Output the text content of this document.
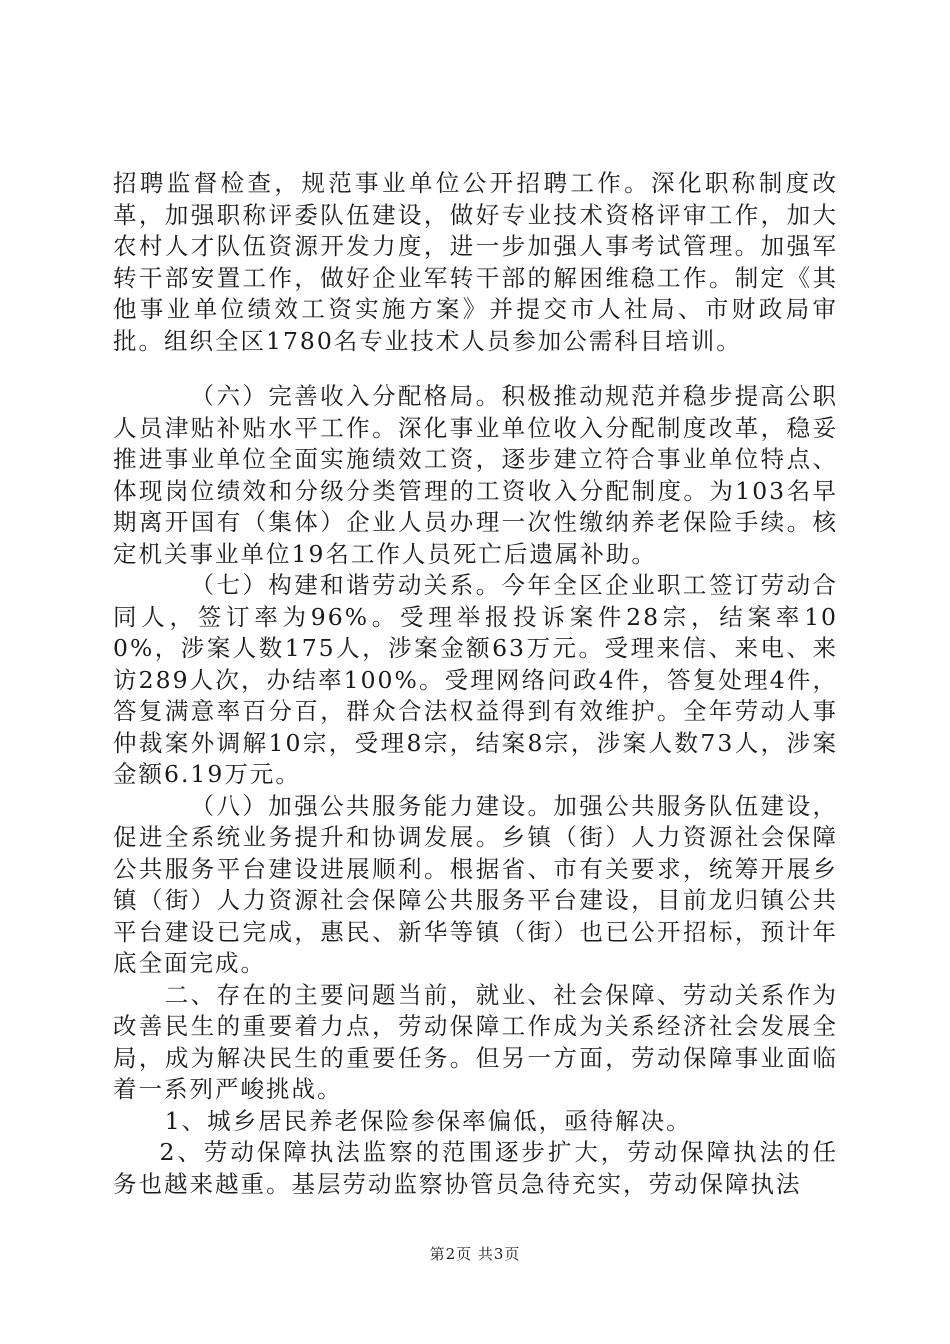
招聘监督检查，规范事业单位公开招聘工作。深化职称制度改革，加强职称评委队伍建设，做好专业技术资格评审工作，加大农村人才队伍资源开发力度，进一步加强人事考试管理。加强军转干部安置工作，做好企业军转干部的解困维稳工作。制定《其他事业单位绩效工资实施方案》并提交市人社局、市财政局审批。组织全区1780名专业技术人员参加公需科目培训。

（六）完善收入分配格局。积极推动规范并稳步提高公职人员津贴补贴水平工作。深化事业单位收入分配制度改革，稳妥推进事业单位全面实施绩效工资，逐步建立符合事业单位特点、体现岗位绩效和分级分类管理的工资收入分配制度。为103名早期离开国有（集体）企业人员办理一次性缴纳养老保险手续。核定机关事业单位19名工作人员死亡后遗属补助。

（七）构建和谐劳动关系。今年全区企业职工签订劳动合同人，签订率为96%。受理举报投诉案件28宗，结案率100%，涉案人数175人，涉案金额63万元。受理来信、来电、来访289人次，办结率100%。受理网络问政4件，答复处理4件，答复满意率百分百，群众合法权益得到有效维护。全年劳动人事仲裁案外调解10宗，受理8宗，结案8宗，涉案人数73人，涉案金额6.19万元。

（八）加强公共服务能力建设。加强公共服务队伍建设，促进全系统业务提升和协调发展。乡镇（街）人力资源社会保障公共服务平台建设进展顺利。根据省、市有关要求，统筹开展乡镇（街）人力资源社会保障公共服务平台建设，目前龙归镇公共平台建设已完成，惠民、新华等镇（街）也已公开招标，预计年底全面完成。

二、存在的主要问题当前，就业、社会保障、劳动关系作为改善民生的重要着力点，劳动保障工作成为关系经济社会发展全局，成为解决民生的重要任务。但另一方面，劳动保障事业面临着一系列严峻挑战。

1、城乡居民养老保险参保率偏低，亟待解决。

2、劳动保障执法监察的范围逐步扩大，劳动保障执法的任务也越来越重。基层劳动监察协管员急待充实，劳动保障执法

第2页 共3页
